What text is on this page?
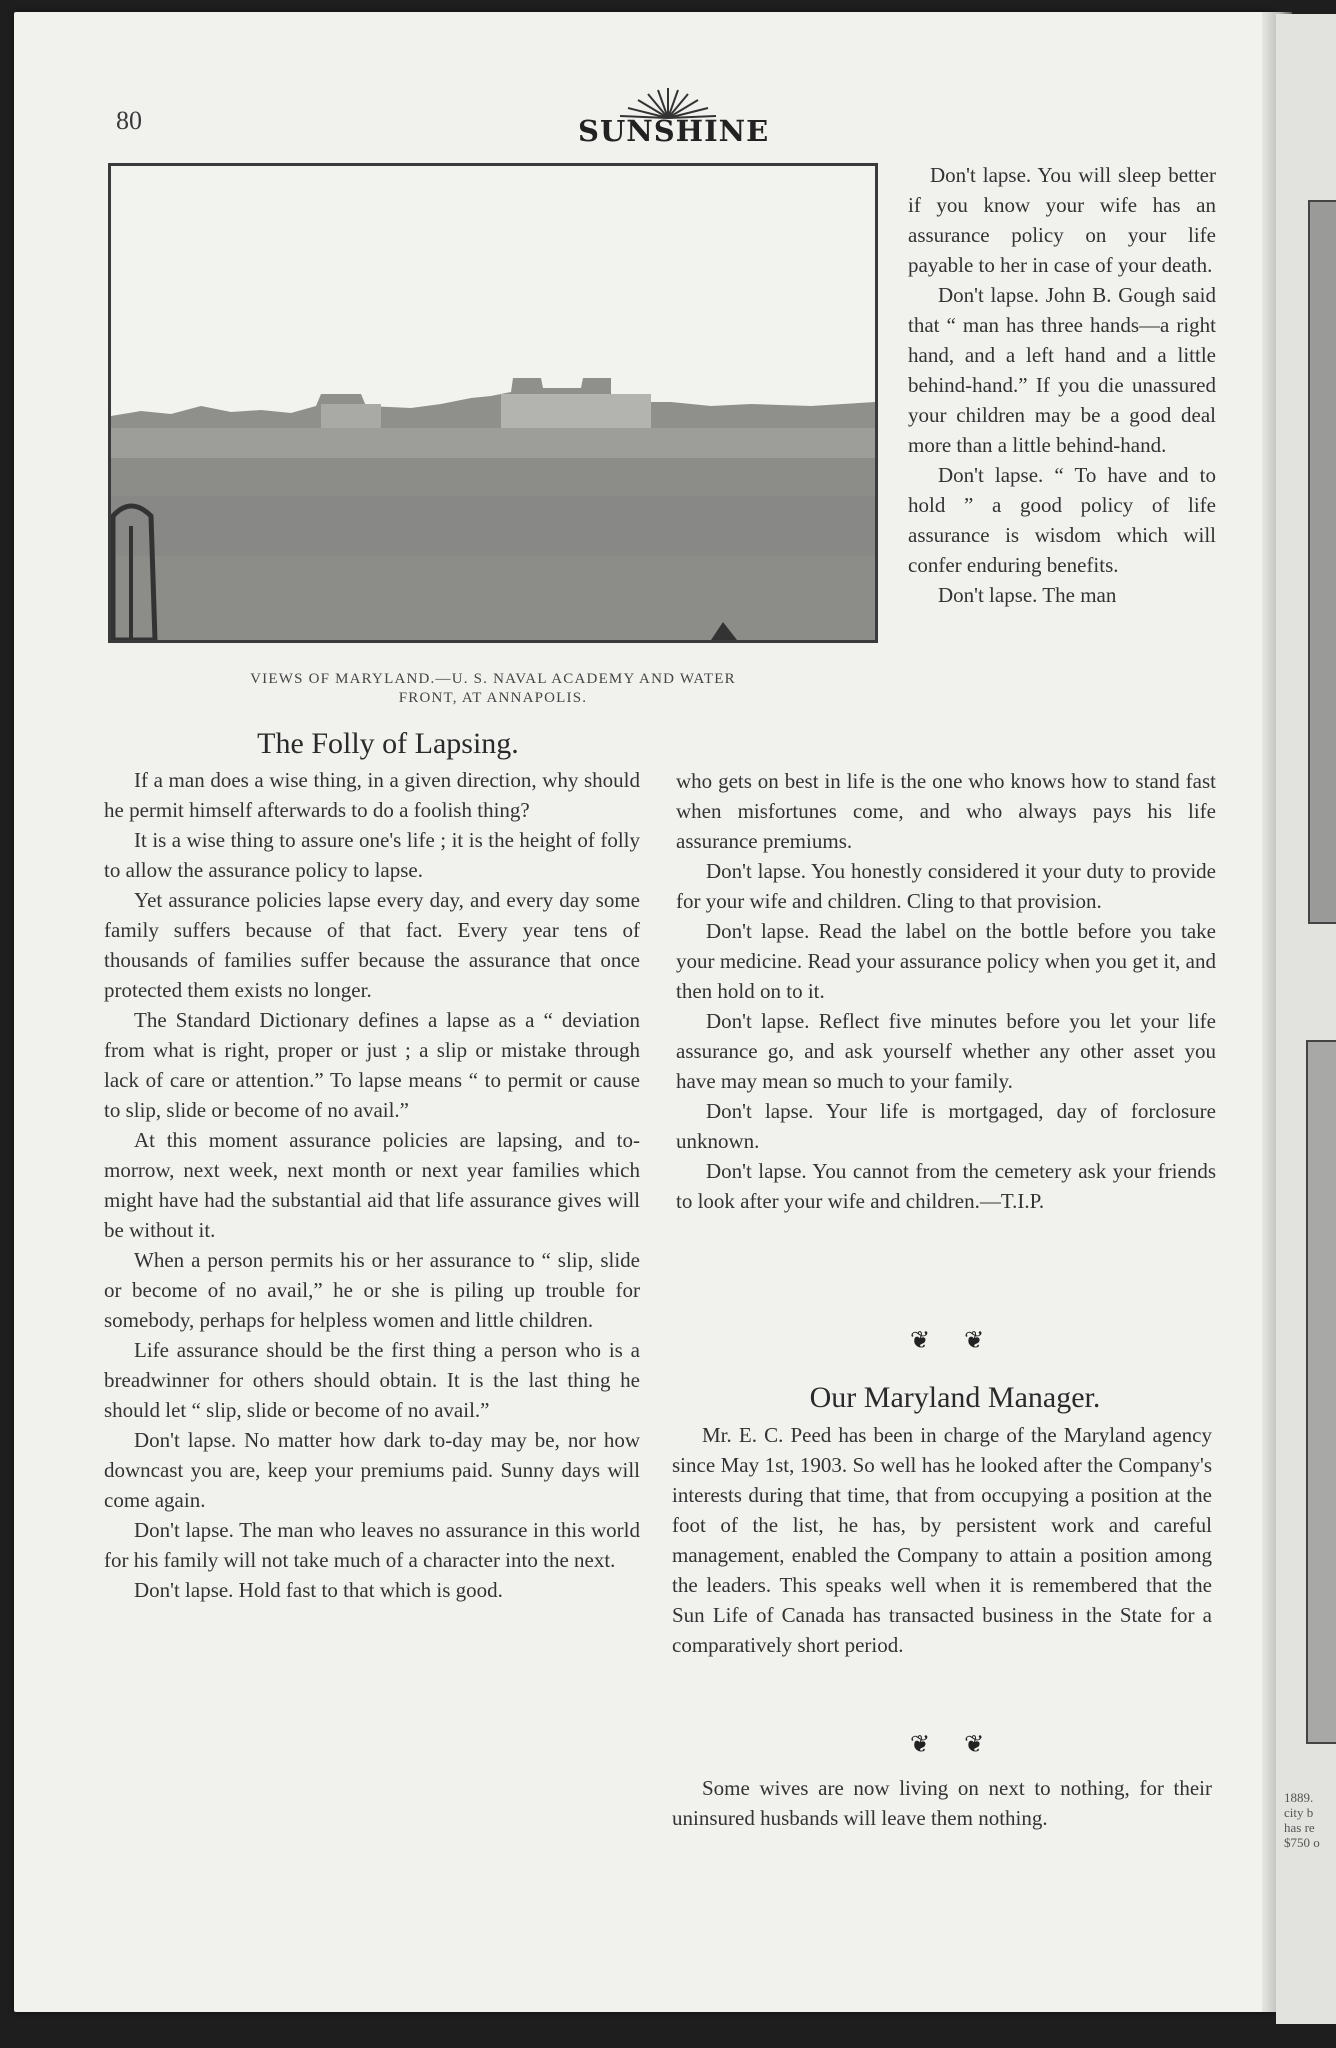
1889.
city b
has re
$750 o
80	SUNSHINE
VIEWS OF MARYLAND.—U. S. NAVAL ACADEMY AND WATER
FRONT, AT ANNAPOLIS.
The Folly of Lapsing.

If a man does a wise thing, in a given direction, why should he permit himself afterwards to do a foolish thing?

It is a wise thing to assure one's life ; it is the height of folly to allow the assurance policy to lapse.

Yet assurance policies lapse every day, and every day some family suffers because of that fact. Every year tens of thousands of families suffer because the assurance that once protected them exists no longer.

The Standard Dictionary defines a lapse as a “ deviation from what is right, proper or just ; a slip or mistake through lack of care or attention.” To lapse means “ to permit or cause to slip, slide or become of no avail.”

At this moment assurance policies are lapsing, and to-morrow, next week, next month or next year families which might have had the substantial aid that life assurance gives will be without it.

When a person permits his or her assurance to “ slip, slide or become of no avail,” he or she is piling up trouble for somebody, perhaps for helpless women and little children.

Life assurance should be the first thing a person who is a breadwinner for others should obtain. It is the last thing he should let “ slip, slide or become of no avail.”

Don't lapse. No matter how dark to-day may be, nor how downcast you are, keep your premiums paid. Sunny days will come again.

Don't lapse. The man who leaves no assurance in this world for his family will not take much of a character into the next.

Don't lapse. Hold fast to that which is good.

Don't lapse. You will sleep better if you know your wife has an assurance policy on your life payable to her in case of your death.

Don't lapse. John B. Gough said that “ man has three hands—a right hand, and a left hand and a little behind-hand.” If you die unassured your children may be a good deal more than a little behind-hand.

Don't lapse. “ To have and to hold ” a good policy of life assurance is wisdom which will confer enduring benefits.

Don't lapse. The man

who gets on best in life is the one who knows how to stand fast when misfortunes come, and who always pays his life assurance premiums.

Don't lapse. You honestly considered it your duty to provide for your wife and children. Cling to that provision.

Don't lapse. Read the label on the bottle before you take your medicine. Read your assurance policy when you get it, and then hold on to it.

Don't lapse. Reflect five minutes before you let your life assurance go, and ask yourself whether any other asset you have may mean so much to your family.

Don't lapse. Your life is mortgaged, day of forclosure unknown.

Don't lapse. You cannot from the cemetery ask your friends to look after your wife and children.—T.I.P.

❦ ❦
Our Maryland Manager.

Mr. E. C. Peed has been in charge of the Maryland agency since May 1st, 1903. So well has he looked after the Company's interests during that time, that from occupying a position at the foot of the list, he has, by persistent work and careful management, enabled the Company to attain a position among the leaders. This speaks well when it is remembered that the Sun Life of Canada has transacted business in the State for a comparatively short period.

❦ ❦

Some wives are now living on next to nothing, for their uninsured husbands will leave them nothing.
